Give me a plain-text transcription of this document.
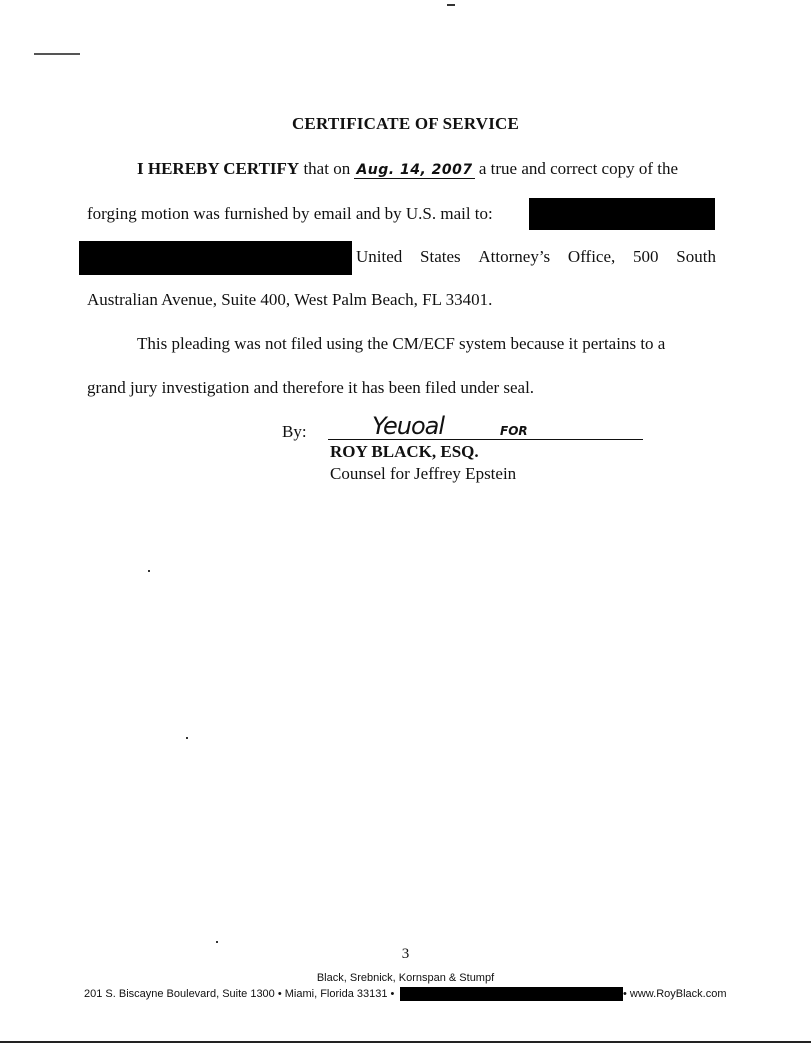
CERTIFICATE OF SERVICE
I HEREBY CERTIFY that on Aug. 14, 2007 a true and correct copy of the
forging motion was furnished by email and by U.S. mail to:
United States Attorney’s Office, 500 South
Australian Avenue, Suite 400, West Palm Beach, FL 33401.
This pleading was not filed using the CM/ECF system because it pertains to a
grand jury investigation and therefore it has been filed under seal.
By:	Yeuoal	FOR
ROY BLACK, ESQ.
Counsel for Jeffrey Epstein
3
Black, Srebnick, Kornspan & Stumpf
201 S. Biscayne Boulevard, Suite 1300 • Miami, Florida 33131 •	• www.RoyBlack.com
